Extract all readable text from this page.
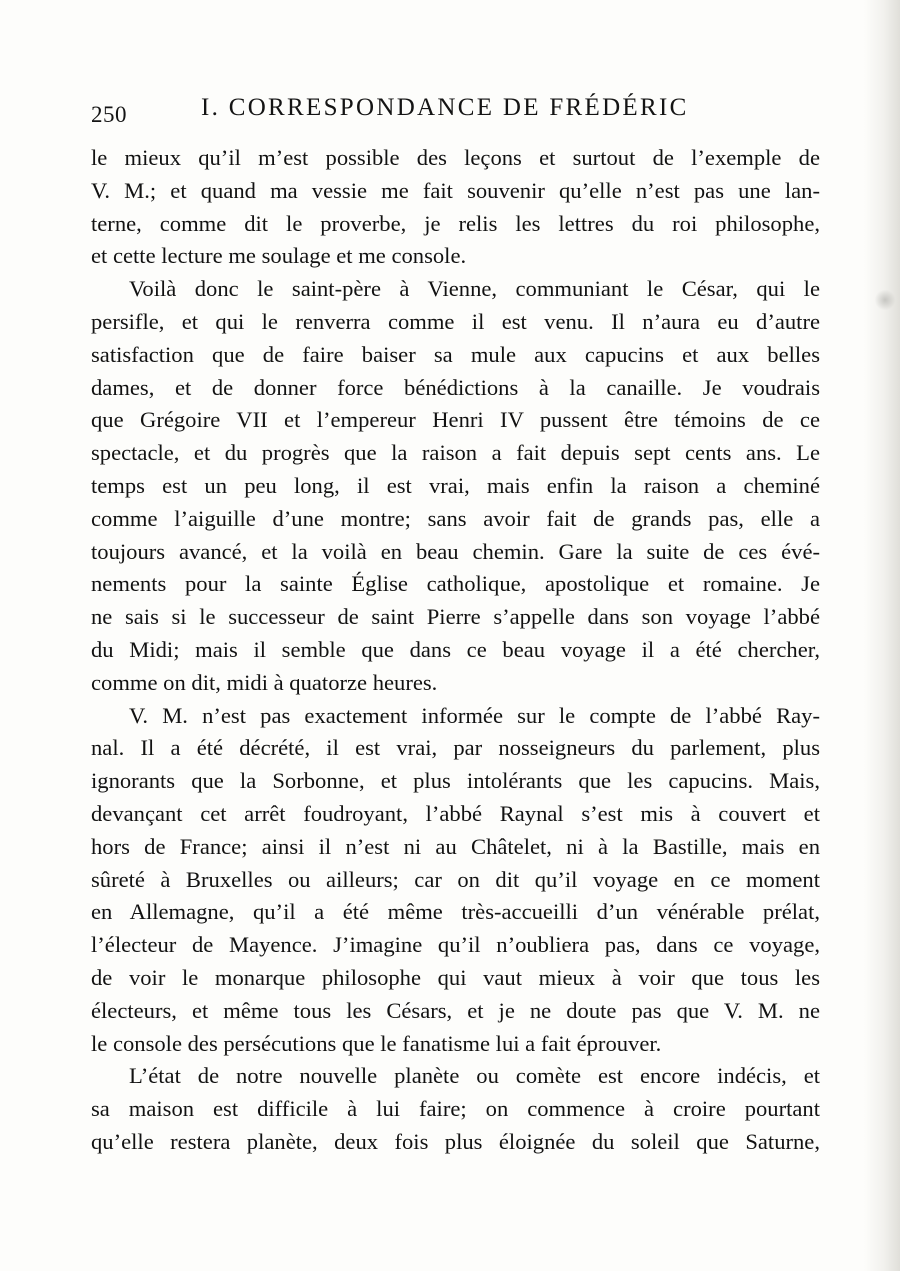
250	I. CORRESPONDANCE DE FRÉDÉRIC
le mieux qu’il m’est possible des leçons et surtout de l’exemple de
V. M.; et quand ma vessie me fait souvenir qu’elle n’est pas une lan-
terne, comme dit le proverbe, je relis les lettres du roi philosophe,
et cette lecture me soulage et me console.
Voilà donc le saint-père à Vienne, communiant le César, qui le
persifle, et qui le renverra comme il est venu. Il n’aura eu d’autre
satisfaction que de faire baiser sa mule aux capucins et aux belles
dames, et de donner force bénédictions à la canaille. Je voudrais
que Grégoire VII et l’empereur Henri IV pussent être témoins de ce
spectacle, et du progrès que la raison a fait depuis sept cents ans. Le
temps est un peu long, il est vrai, mais enfin la raison a cheminé
comme l’aiguille d’une montre; sans avoir fait de grands pas, elle a
toujours avancé, et la voilà en beau chemin. Gare la suite de ces évé-
nements pour la sainte Église catholique, apostolique et romaine. Je
ne sais si le successeur de saint Pierre s’appelle dans son voyage l’abbé
du Midi; mais il semble que dans ce beau voyage il a été chercher,
comme on dit, midi à quatorze heures.
V. M. n’est pas exactement informée sur le compte de l’abbé Ray-
nal. Il a été décrété, il est vrai, par nosseigneurs du parlement, plus
ignorants que la Sorbonne, et plus intolérants que les capucins. Mais,
devançant cet arrêt foudroyant, l’abbé Raynal s’est mis à couvert et
hors de France; ainsi il n’est ni au Châtelet, ni à la Bastille, mais en
sûreté à Bruxelles ou ailleurs; car on dit qu’il voyage en ce moment
en Allemagne, qu’il a été même très-accueilli d’un vénérable prélat,
l’électeur de Mayence. J’imagine qu’il n’oubliera pas, dans ce voyage,
de voir le monarque philosophe qui vaut mieux à voir que tous les
électeurs, et même tous les Césars, et je ne doute pas que V. M. ne
le console des persécutions que le fanatisme lui a fait éprouver.
L’état de notre nouvelle planète ou comète est encore indécis, et
sa maison est difficile à lui faire; on commence à croire pourtant
qu’elle restera planète, deux fois plus éloignée du soleil que Saturne,
